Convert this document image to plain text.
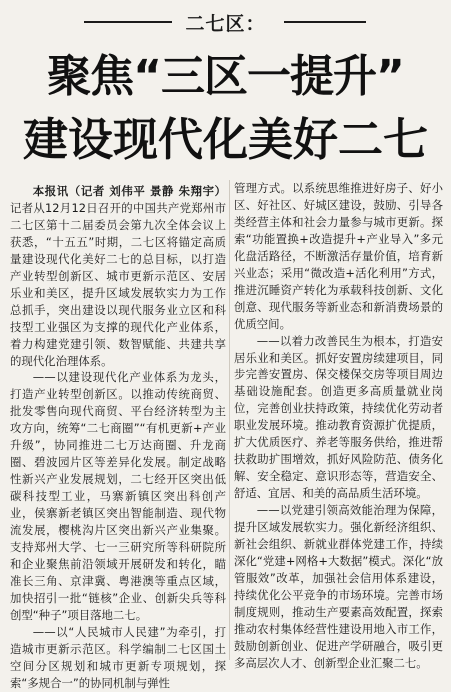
二七区：
聚焦“三区一提升”
建设现代化美好二七

本报讯（记者 刘伟平 景静 朱翔宇）记者从12月12日召开的中国共产党郑州市二七区第十二届委员会第九次全体会议上获悉，“十五五”时期，二七区将锚定高质量建设现代化美好二七的总目标，以打造产业转型创新区、城市更新示范区、安居乐业和美区，提升区域发展软实力为工作总抓手，突出建设以现代服务业立区和科技型工业强区为支撑的现代化产业体系，着力构建党建引领、数智赋能、共建共享的现代化治理体系。

——以建设现代化产业体系为龙头，打造产业转型创新区。以推动传统商贸、批发零售向现代商贸、平台经济转型为主攻方向，统筹“二七商圈”“有机更新+产业升级”，协同推进二七万达商圈、升龙商圈、碧波园片区等差异化发展。制定战略性新兴产业发展规划，二七经开区突出低碳科技型工业，马寨新镇区突出科创产业，侯寨新老镇区突出智能制造、现代物流发展，樱桃沟片区突出新兴产业集聚。支持郑州大学、七一三研究所等科研院所和企业聚焦前沿领域开展研发和转化，瞄准长三角、京津冀、粤港澳等重点区域，加快招引一批“链核”企业、创新尖兵等科创型“种子”项目落地二七。

——以“人民城市人民建”为牵引，打造城市更新示范区。科学编制二七区国土空间分区规划和城市更新专项规划，探索“多规合一”的协同机制与弹性

管理方式。以系统思维推进好房子、好小区、好社区、好城区建设，鼓励、引导各类经营主体和社会力量参与城市更新。探索“功能置换+改造提升+产业导入”多元化盘活路径，不断激活存量价值，培育新兴业态；采用“微改造+活化利用”方式，推进沉睡资产转化为承载科技创新、文化创意、现代服务等新业态和新消费场景的优质空间。

——以着力改善民生为根本，打造安居乐业和美区。抓好安置房续建项目，同步完善安置房、保交楼保交房等项目周边基础设施配套。创造更多高质量就业岗位，完善创业扶持政策，持续优化劳动者职业发展环境。推动教育资源扩优提质，扩大优质医疗、养老等服务供给，推进帮扶救助扩围增效，抓好风险防范、债务化解、安全稳定、意识形态等，营造安全、舒适、宜居、和美的高品质生活环境。

——以党建引领高效能治理为保障，提升区域发展软实力。强化新经济组织、新社会组织、新就业群体党建工作，持续深化“党建+网格+大数据”模式。深化“放管服效”改革，加强社会信用体系建设，持续优化公平竞争的市场环境。完善市场制度规则，推动生产要素高效配置，探索推动农村集体经营性建设用地入市工作，鼓励创新创业、促进产学研融合，吸引更多高层次人才、创新型企业汇聚二七。
